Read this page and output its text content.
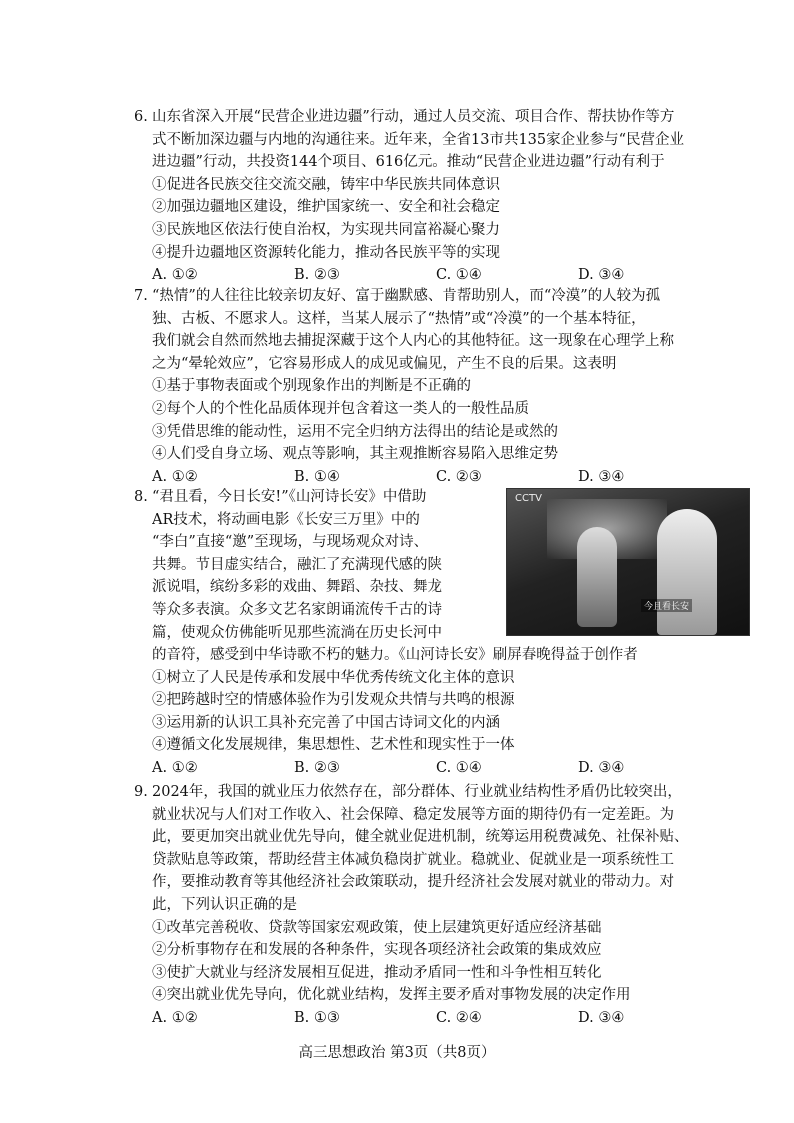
6. 山东省深入开展“民营企业进边疆”行动，通过人员交流、项目合作、帮扶协作等方
式不断加深边疆与内地的沟通往来。近年来，全省13市共135家企业参与“民营企业
进边疆”行动，共投资144个项目、616亿元。推动“民营企业进边疆”行动有利于
①促进各民族交往交流交融，铸牢中华民族共同体意识
②加强边疆地区建设，维护国家统一、安全和社会稳定
③民族地区依法行使自治权，为实现共同富裕凝心聚力
④提升边疆地区资源转化能力，推动各民族平等的实现
A. ①②	B. ②③	C. ①④	D. ③④
7. “热情”的人往往比较亲切友好、富于幽默感、肯帮助别人，而“冷漠”的人较为孤
独、古板、不愿求人。这样，当某人展示了“热情”或“冷漠”的一个基本特征，
我们就会自然而然地去捕捉深藏于这个人内心的其他特征。这一现象在心理学上称
之为“晕轮效应”，它容易形成人的成见或偏见，产生不良的后果。这表明
①基于事物表面或个别现象作出的判断是不正确的
②每个人的个性化品质体现并包含着这一类人的一般性品质
③凭借思维的能动性，运用不完全归纳方法得出的结论是或然的
④人们受自身立场、观点等影响，其主观推断容易陷入思维定势
A. ①②	B. ①④	C. ②③	D. ③④
8. “君且看，今日长安!”《山河诗长安》中借助
AR技术，将动画电影《长安三万里》中的
“李白”直接“邀”至现场，与现场观众对诗、
共舞。节目虚实结合，融汇了充满现代感的陕
派说唱，缤纷多彩的戏曲、舞蹈、杂技、舞龙
等众多表演。众多文艺名家朗诵流传千古的诗
篇，使观众仿佛能听见那些流淌在历史长河中
的音符，感受到中华诗歌不朽的魅力。《山河诗长安》刷屏春晚得益于创作者
①树立了人民是传承和发展中华优秀传统文化主体的意识
②把跨越时空的情感体验作为引发观众共情与共鸣的根源
③运用新的认识工具补充完善了中国古诗词文化的内涵
④遵循文化发展规律，集思想性、艺术性和现实性于一体
A. ①②	B. ②③	C. ①④	D. ③④
CCTV
今且看长安
9. 2024年，我国的就业压力依然存在，部分群体、行业就业结构性矛盾仍比较突出，
就业状况与人们对工作收入、社会保障、稳定发展等方面的期待仍有一定差距。为
此，要更加突出就业优先导向，健全就业促进机制，统筹运用税费减免、社保补贴、
贷款贴息等政策，帮助经营主体减负稳岗扩就业。稳就业、促就业是一项系统性工
作，要推动教育等其他经济社会政策联动，提升经济社会发展对就业的带动力。对
此，下列认识正确的是
①改革完善税收、贷款等国家宏观政策，使上层建筑更好适应经济基础
②分析事物存在和发展的各种条件，实现各项经济社会政策的集成效应
③使扩大就业与经济发展相互促进，推动矛盾同一性和斗争性相互转化
④突出就业优先导向，优化就业结构，发挥主要矛盾对事物发展的决定作用
A. ①②	B. ①③	C. ②④	D. ③④
高三思想政治 第3页（共8页）
